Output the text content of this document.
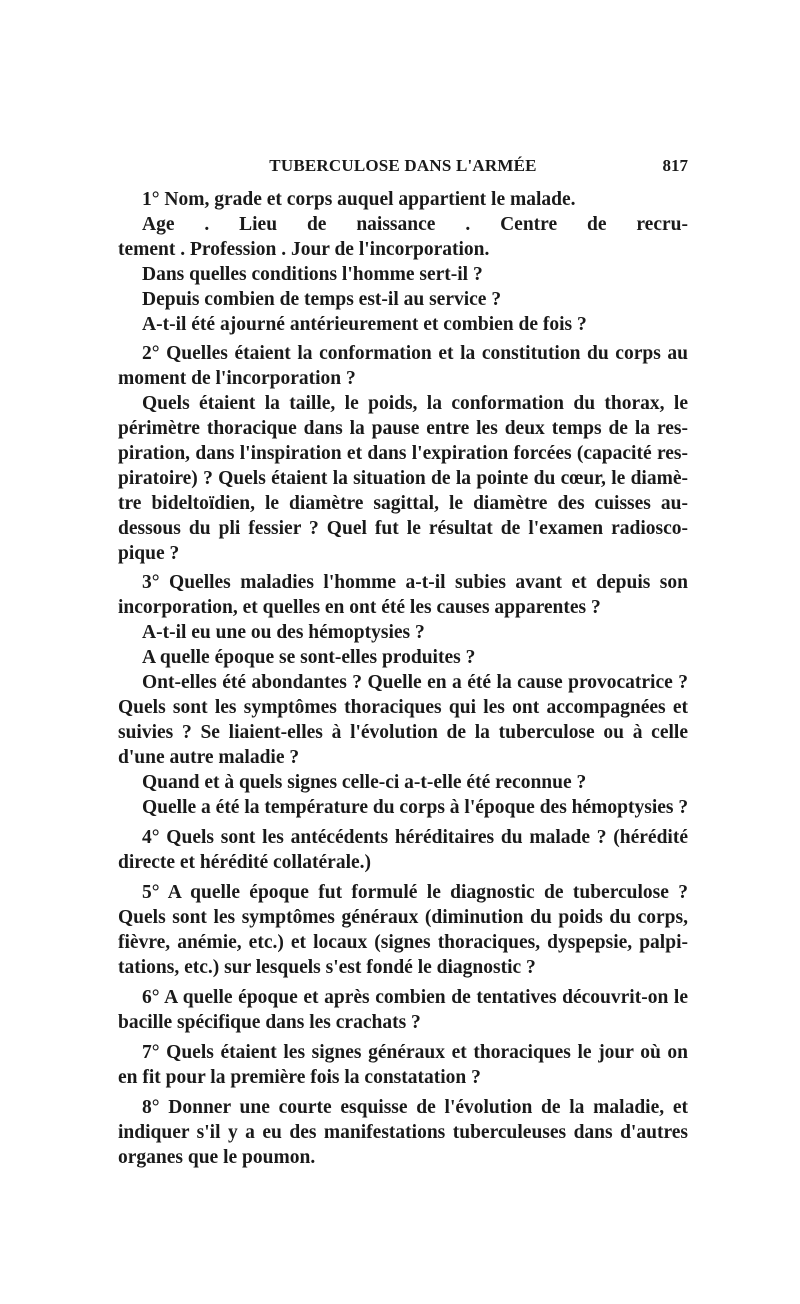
TUBERCULOSE DANS L'ARMÉE	817
1° Nom, grade et corps auquel appartient le malade.
Age . Lieu de naissance . Centre de recru-
tement . Profession . Jour de l'incorporation.
Dans quelles conditions l'homme sert-il ?
Depuis combien de temps est-il au service ?
A-t-il été ajourné antérieurement et combien de fois ?
2° Quelles étaient la conformation et la constitution du corps au
moment de l'incorporation ?
Quels étaient la taille, le poids, la conformation du thorax, le
périmètre thoracique dans la pause entre les deux temps de la res-
piration, dans l'inspiration et dans l'expiration forcées (capacité res-
piratoire) ? Quels étaient la situation de la pointe du cœur, le diamè-
tre bideltoïdien, le diamètre sagittal, le diamètre des cuisses au-
dessous du pli fessier ? Quel fut le résultat de l'examen radiosco-
pique ?
3° Quelles maladies l'homme a-t-il subies avant et depuis son
incorporation, et quelles en ont été les causes apparentes ?
A-t-il eu une ou des hémoptysies ?
A quelle époque se sont-elles produites ?
Ont-elles été abondantes ? Quelle en a été la cause provocatrice ?
Quels sont les symptômes thoraciques qui les ont accompagnées et
suivies ? Se liaient-elles à l'évolution de la tuberculose ou à celle
d'une autre maladie ?
Quand et à quels signes celle-ci a-t-elle été reconnue ?
Quelle a été la température du corps à l'époque des hémoptysies ?
4° Quels sont les antécédents héréditaires du malade ? (hérédité
directe et hérédité collatérale.)
5° A quelle époque fut formulé le diagnostic de tuberculose ?
Quels sont les symptômes généraux (diminution du poids du corps,
fièvre, anémie, etc.) et locaux (signes thoraciques, dyspepsie, palpi-
tations, etc.) sur lesquels s'est fondé le diagnostic ?
6° A quelle époque et après combien de tentatives découvrit-on le
bacille spécifique dans les crachats ?
7° Quels étaient les signes généraux et thoraciques le jour où on
en fit pour la première fois la constatation ?
8° Donner une courte esquisse de l'évolution de la maladie, et
indiquer s'il y a eu des manifestations tuberculeuses dans d'autres
organes que le poumon.
